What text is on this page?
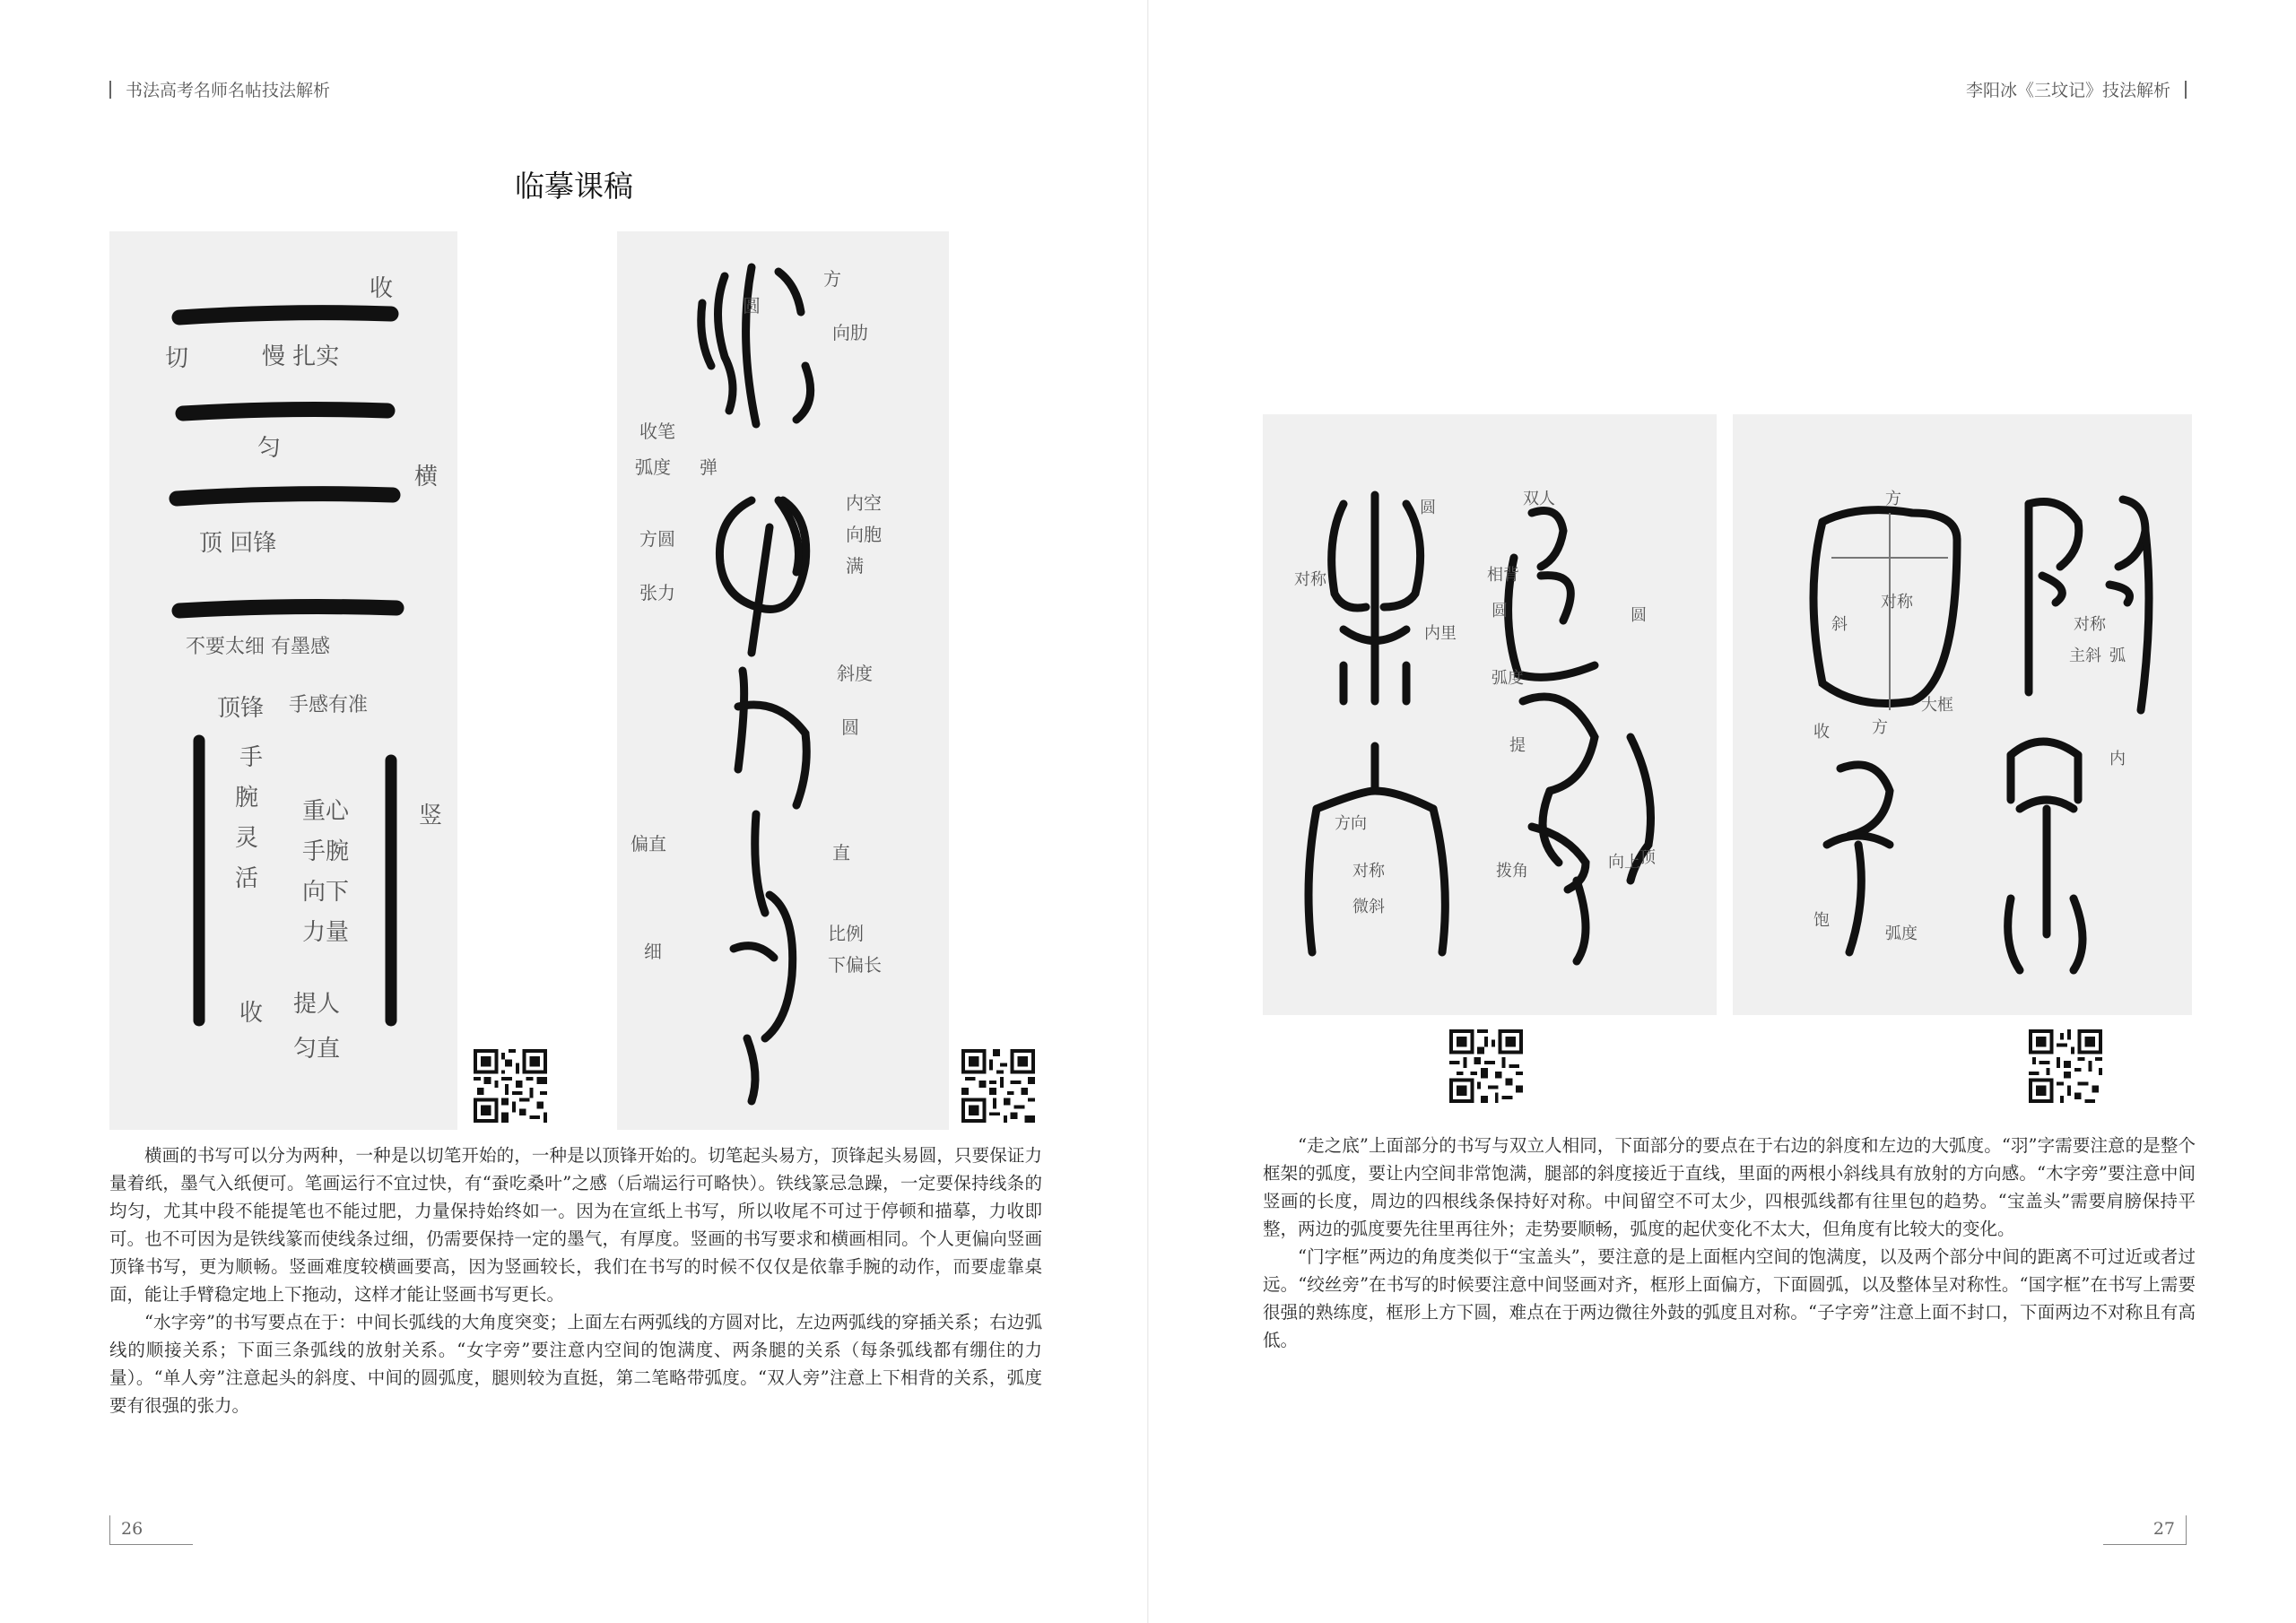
书法高考名师名帖技法解析	李阳冰《三坟记》技法解析
临摹课稿
收
切	慢 扎实
匀
横
顶 回锋
不要太细 有墨感
顶锋 手感有准
手
腕
灵
活
重心
手腕
向下
力量
收
竖
提人
匀直
方
圆
向肋
收笔
弧度 弹
内空
向胞
满
方圆
张力
斜度
圆
直
偏直
比例
下偏长
细

横画的书写可以分为两种，一种是以切笔开始的，一种是以顶锋开始的。切笔起头易方，顶锋起头易圆，只要保证力量着纸，墨气入纸便可。笔画运行不宜过快，有“蚕吃桑叶”之感（后端运行可略快）。铁线篆忌急躁，一定要保持线条的均匀，尤其中段不能提笔也不能过肥，力量保持始终如一。因为在宣纸上书写，所以收尾不可过于停顿和描摹，力收即可。也不可因为是铁线篆而使线条过细，仍需要保持一定的墨气，有厚度。竖画的书写要求和横画相同。个人更偏向竖画顶锋书写，更为顺畅。竖画难度较横画要高，因为竖画较长，我们在书写的时候不仅仅是依靠手腕的动作，而要虚靠桌面，能让手臂稳定地上下拖动，这样才能让竖画书写更长。

“水字旁”的书写要点在于：中间长弧线的大角度突变；上面左右两弧线的方圆对比，左边两弧线的穿插关系；右边弧线的顺接关系；下面三条弧线的放射关系。“女字旁”要注意内空间的饱满度、两条腿的关系（每条弧线都有绷住的力量）。“单人旁”注意起头的斜度、中间的圆弧度，腿则较为直挺，第二笔略带弧度。“双人旁”注意上下相背的关系，弧度要有很强的张力。

对称
圆
内里
双人
相背
圆
弧度
圆
顶
提
拨角	向上
方向
对称
微斜
方
斜
对称
收
大框
方
对称
主斜 弧
内
饱
弧度

“走之底”上面部分的书写与双立人相同，下面部分的要点在于右边的斜度和左边的大弧度。“羽”字需要注意的是整个框架的弧度，要让内空间非常饱满，腿部的斜度接近于直线，里面的两根小斜线具有放射的方向感。“木字旁”要注意中间竖画的长度，周边的四根线条保持好对称。中间留空不可太少，四根弧线都有往里包的趋势。“宝盖头”需要肩膀保持平整，两边的弧度要先往里再往外；走势要顺畅，弧度的起伏变化不太大，但角度有比较大的变化。

“门字框”两边的角度类似于“宝盖头”，要注意的是上面框内空间的饱满度，以及两个部分中间的距离不可过近或者过远。“绞丝旁”在书写的时候要注意中间竖画对齐，框形上面偏方，下面圆弧，以及整体呈对称性。“国字框”在书写上需要很强的熟练度，框形上方下圆，难点在于两边微往外鼓的弧度且对称。“子字旁”注意上面不封口，下面两边不对称且有高低。

26	27
